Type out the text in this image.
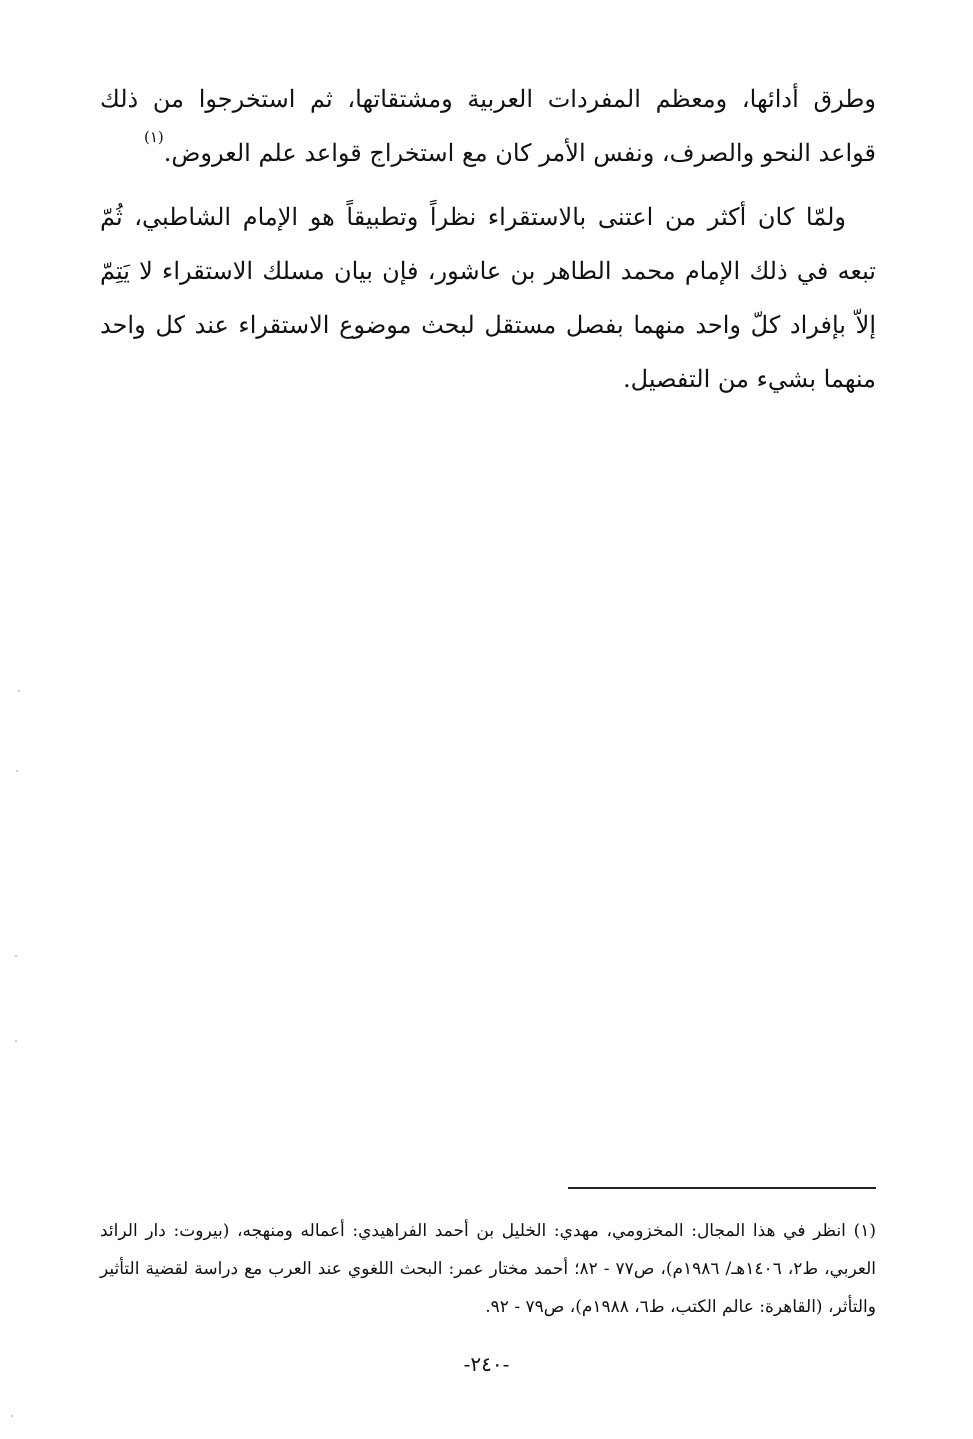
وطرق أدائها، ومعظم المفردات العربية ومشتقاتها، ثم استخرجوا من ذلك قواعد النحو والصرف، ونفس الأمر كان مع استخراج قواعد علم العروض.$^{(١)}$

ولمّا كان أكثر من اعتنى بالاستقراء نظراً وتطبيقاً هو الإمام الشاطبي، ثُمّ تبعه في ذلك الإمام محمد الطاهر بن عاشور، فإن بيان مسلك الاستقراء لا يَتِمّ إلاّ بإفراد كلّ واحد منهما بفصل مستقل لبحث موضوع الاستقراء عند كل واحد منهما بشيء من التفصيل.

(١) انظر في هذا المجال: المخزومي، مهدي: الخليل بن أحمد الفراهيدي: أعماله ومنهجه، (بيروت: دار الرائد العربي، ط٢، ١٤٠٦هـ/ ١٩٨٦م)، ص٧٧ - ٨٢؛ أحمد مختار عمر: البحث اللغوي عند العرب مع دراسة لقضية التأثير والتأثر، (القاهرة: عالم الكتب، ط٦، ١٩٨٨م)، ص٧٩ - ٩٢.

-٢٤٠-
